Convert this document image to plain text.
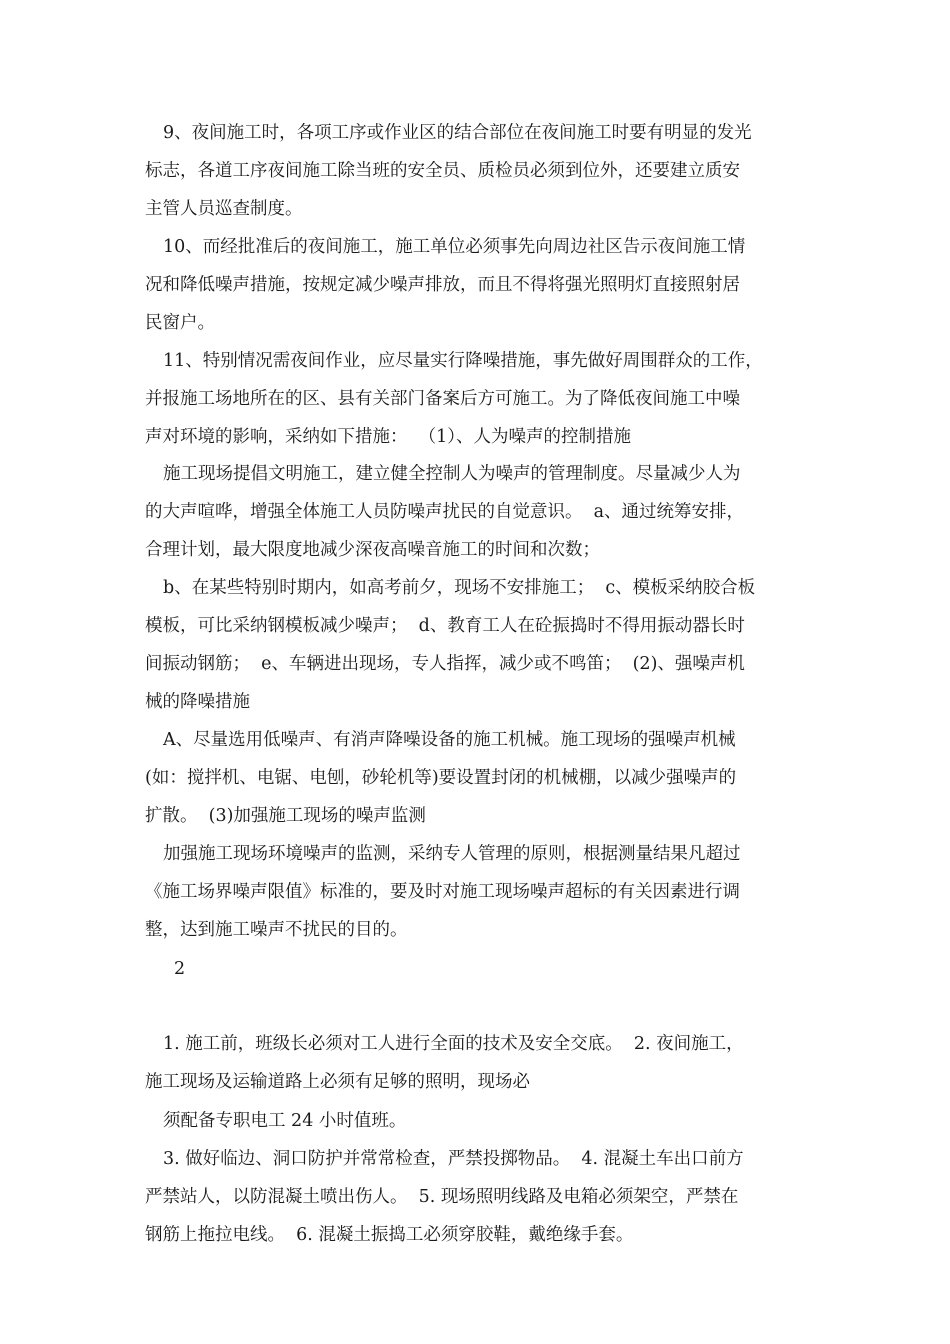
9、夜间施工时，各项工序或作业区的结合部位在夜间施工时要有明显的发光
标志，各道工序夜间施工除当班的安全员、质检员必须到位外，还要建立质安
主管人员巡查制度。
10、而经批准后的夜间施工，施工单位必须事先向周边社区告示夜间施工情
况和降低噪声措施，按规定减少噪声排放，而且不得将强光照明灯直接照射居
民窗户。
11、特别情况需夜间作业，应尽量实行降噪措施，事先做好周围群众的工作，
并报施工场地所在的区、县有关部门备案后方可施工。为了降低夜间施工中噪
声对环境的影响，采纳如下措施：  （1）、人为噪声的控制措施
施工现场提倡文明施工，建立健全控制人为噪声的管理制度。尽量减少人为
的大声喧哗，增强全体施工人员防噪声扰民的自觉意识。  a、通过统筹安排，
合理计划，最大限度地减少深夜高噪音施工的时间和次数；
b、在某些特别时期内，如高考前夕，现场不安排施工；  c、模板采纳胶合板
模板，可比采纳钢模板减少噪声；  d、教育工人在砼振捣时不得用振动器长时
间振动钢筋；  e、车辆进出现场，专人指挥，减少或不鸣笛；  (2)、强噪声机
械的降噪措施
A、尽量选用低噪声、有消声降噪设备的施工机械。施工现场的强噪声机械
(如：搅拌机、电锯、电刨，砂轮机等)要设置封闭的机械棚，以减少强噪声的
扩散。  (3)加强施工现场的噪声监测
加强施工现场环境噪声的监测，采纳专人管理的原则，根据测量结果凡超过
《施工场界噪声限值》标准的，要及时对施工现场噪声超标的有关因素进行调
整，达到施工噪声不扰民的目的。
2
1. 施工前，班级长必须对工人进行全面的技术及安全交底。  2. 夜间施工，
施工现场及运输道路上必须有足够的照明，现场必
须配备专职电工 24 小时值班。
3. 做好临边、洞口防护并常常检查，严禁投掷物品。  4. 混凝土车出口前方
严禁站人，以防混凝土喷出伤人。  5. 现场照明线路及电箱必须架空，严禁在
钢筋上拖拉电线。  6. 混凝土振捣工必须穿胶鞋，戴绝缘手套。
